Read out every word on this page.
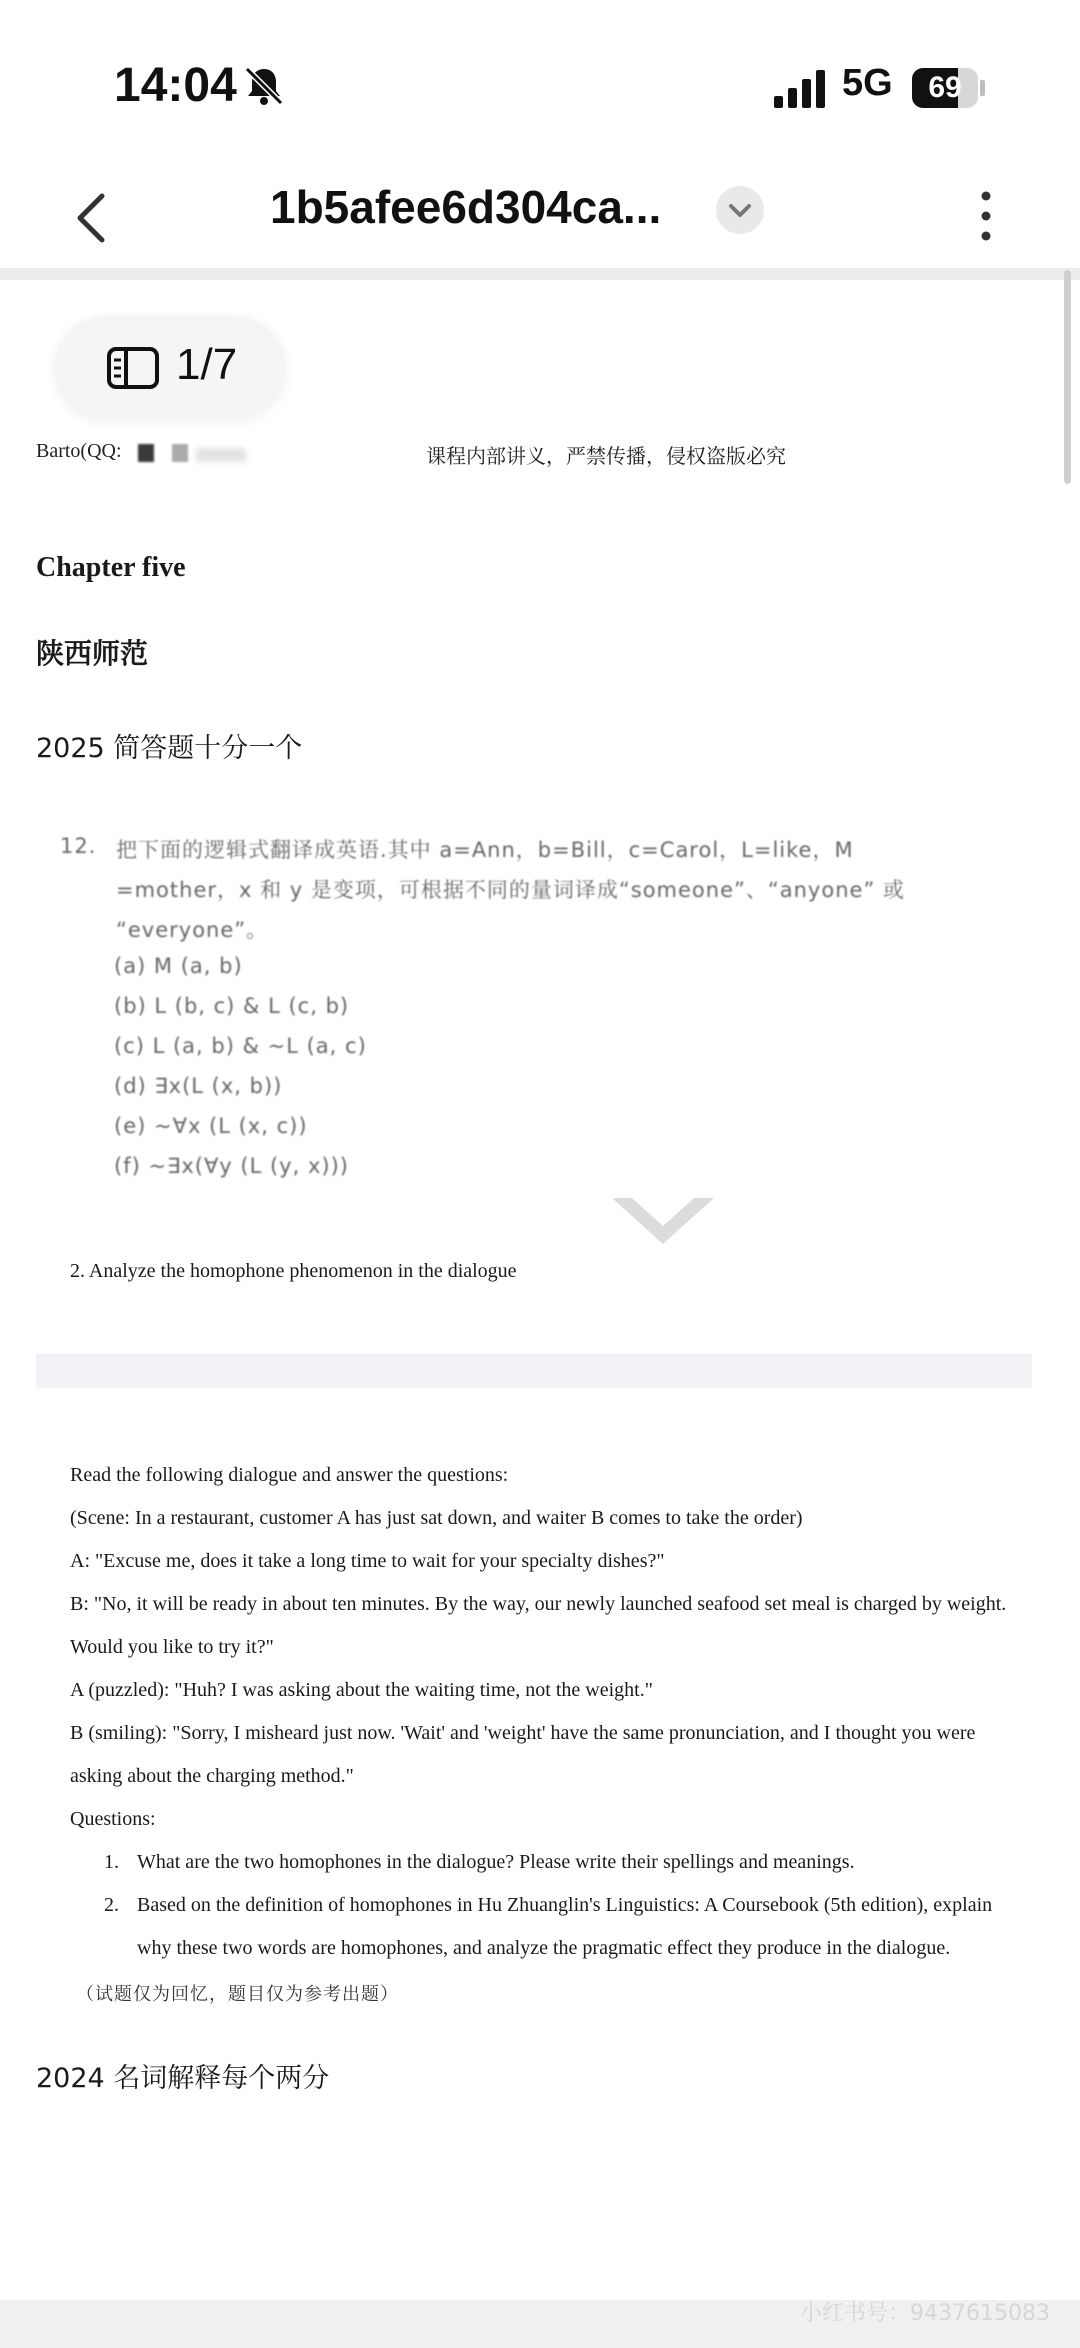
14:04	5G	69
1b5afee6d304ca...
1/7
Barto(QQ:	课程内部讲义，严禁传播，侵权盗版必究
Chapter five
陕西师范
2025 简答题十分一个
12. 把下面的逻辑式翻译成英语.其中 a=Ann，b=Bill，c=Carol，L=like，M
=mother，x 和 y 是变项，可根据不同的量词译成“someone”、“anyone” 或
“everyone”。
(a) M (a, b)
(b) L (b, c) & L (c, b)
(c) L (a, b) & ~L (a, c)
(d) ∃x(L (x, b))
(e) ~∀x (L (x, c))
(f) ~∃x(∀y (L (y, x)))
2. Analyze the homophone phenomenon in the dialogue
Read the following dialogue and answer the questions:
(Scene: In a restaurant, customer A has just sat down, and waiter B comes to take the order)
A: "Excuse me, does it take a long time to wait for your specialty dishes?"
B: "No, it will be ready in about ten minutes. By the way, our newly launched seafood set meal is charged by weight.
Would you like to try it?"
A (puzzled): "Huh? I was asking about the waiting time, not the weight."
B (smiling): "Sorry, I misheard just now. 'Wait' and 'weight' have the same pronunciation, and I thought you were
asking about the charging method."
Questions:
1. What are the two homophones in the dialogue? Please write their spellings and meanings.
2. Based on the definition of homophones in Hu Zhuanglin's Linguistics: A Coursebook (5th edition), explain
why these two words are homophones, and analyze the pragmatic effect they produce in the dialogue.
（试题仅为回忆，题目仅为参考出题）
2024 名词解释每个两分
小红书号：9437615083
